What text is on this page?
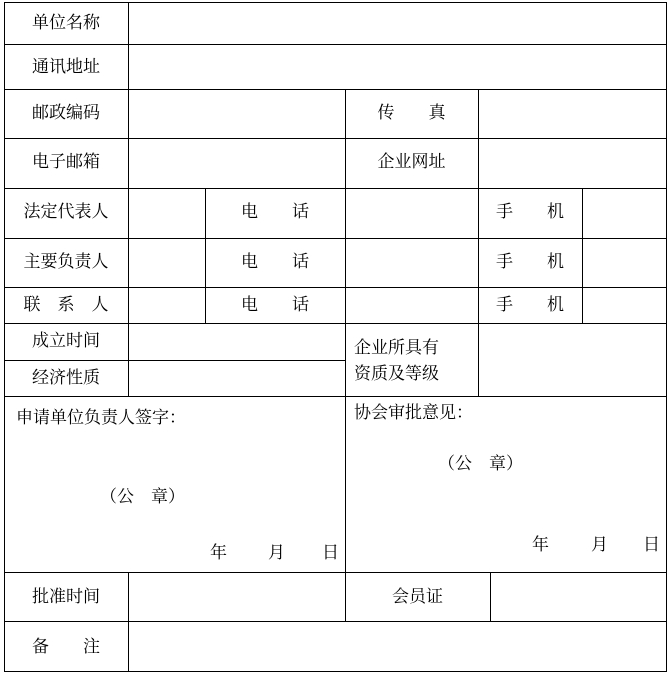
单位名称
通讯地址
邮政编码	传　　真
电子邮箱	企业网址
法定代表人	电　　话	手　　机
主要负责人	电　　话	手　　机
联　系　人	电　　话	手　　机
成立时间
经济性质
企业所具有
资质及等级
申请单位负责人签字：
（公　章）
年 月 日
协会审批意见：
（公　章）
年 月 日
批准时间	会员证
备　　注
